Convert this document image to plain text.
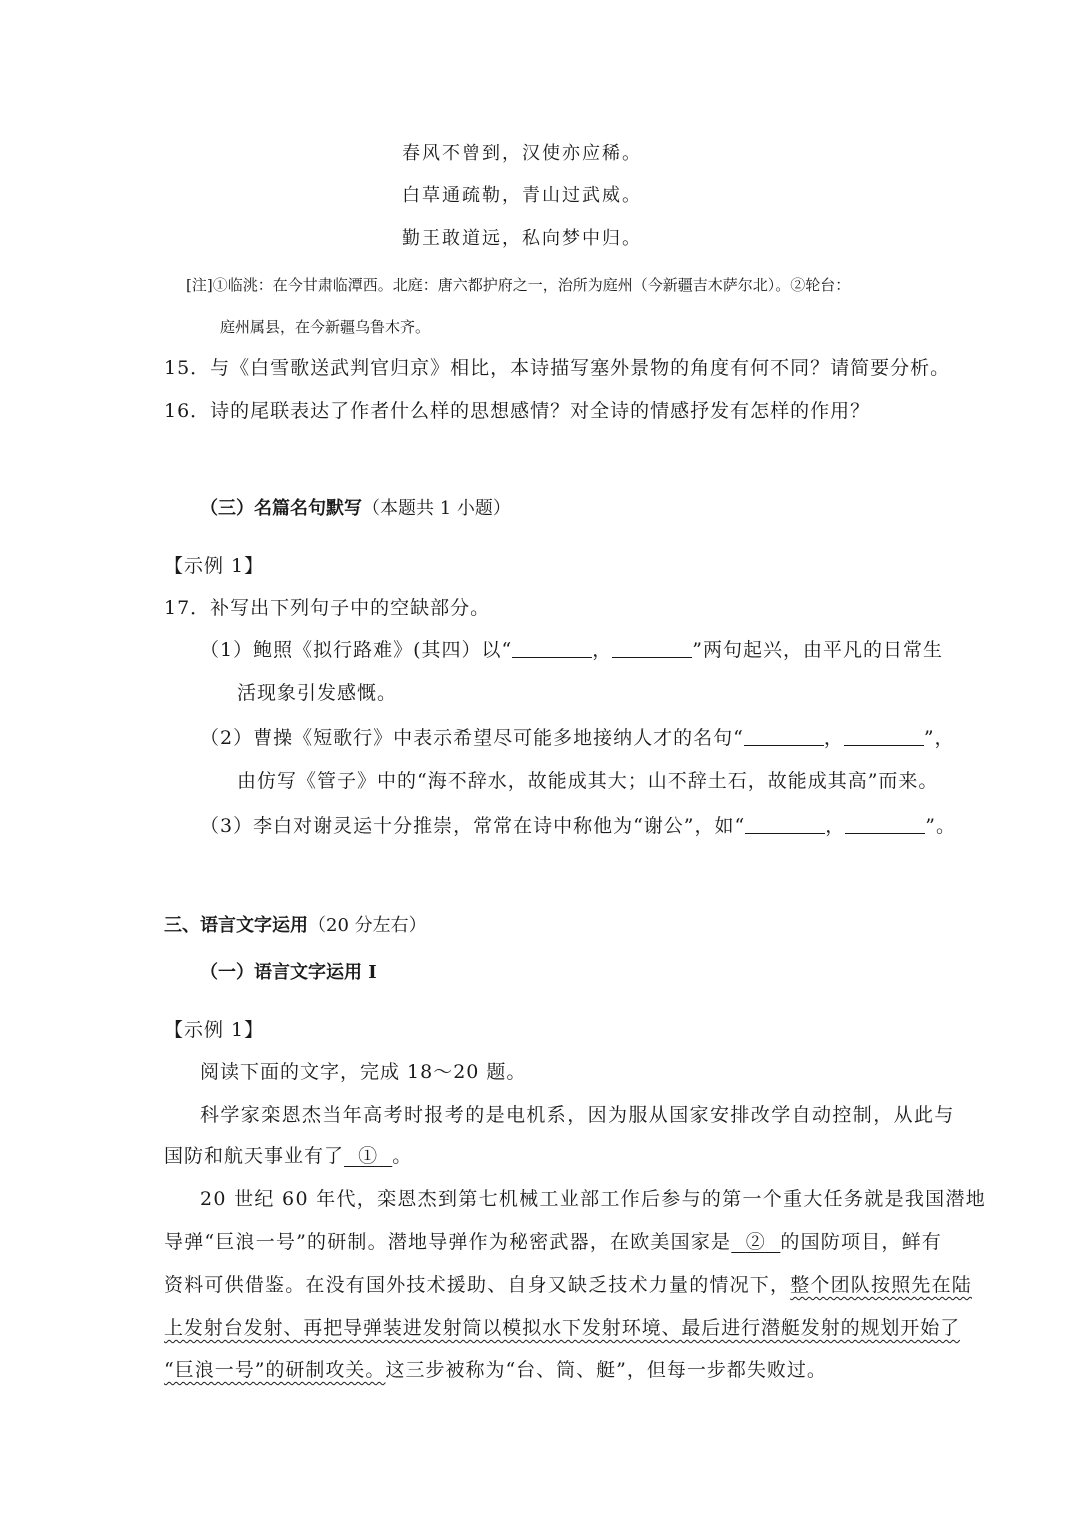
春风不曾到，汉使亦应稀。
白草通疏勒，青山过武威。
勤王敢道远，私向梦中归。
[注]①临洮：在今甘肃临潭西。北庭：唐六都护府之一，治所为庭州（今新疆吉木萨尔北）。②轮台：
庭州属县，在今新疆乌鲁木齐。
15．与《白雪歌送武判官归京》相比，本诗描写塞外景物的角度有何不同？请简要分析。
16．诗的尾联表达了作者什么样的思想感情？对全诗的情感抒发有怎样的作用？
（三）名篇名句默写（本题共 1 小题）
【示例 1】
17．补写出下列句子中的空缺部分。
（1）鲍照《拟行路难》(其四）以“	，	”两句起兴，由平凡的日常生
活现象引发感慨。
（2）曹操《短歌行》中表示希望尽可能多地接纳人才的名句“	，	”，
由仿写《管子》中的“海不辞水，故能成其大；山不辞土石，故能成其高”而来。
（3）李白对谢灵运十分推崇，常常在诗中称他为“谢公”，如“	，	”。
三、语言文字运用（20 分左右）
（一）语言文字运用 I
【示例 1】
阅读下面的文字，完成 18～20 题。
科学家栾恩杰当年高考时报考的是电机系，因为服从国家安排改学自动控制，从此与
国防和航天事业有了 ① 。
20 世纪 60 年代，栾恩杰到第七机械工业部工作后参与的第一个重大任务就是我国潜地
导弹“巨浪一号”的研制。潜地导弹作为秘密武器，在欧美国家是 ② 的国防项目，鲜有
资料可供借鉴。在没有国外技术援助、自身又缺乏技术力量的情况下，整个团队按照先在陆
上发射台发射、再把导弹装进发射筒以模拟水下发射环境、最后进行潜艇发射的规划开始了
“巨浪一号”的研制攻关。这三步被称为“台、筒、艇”，但每一步都失败过。
